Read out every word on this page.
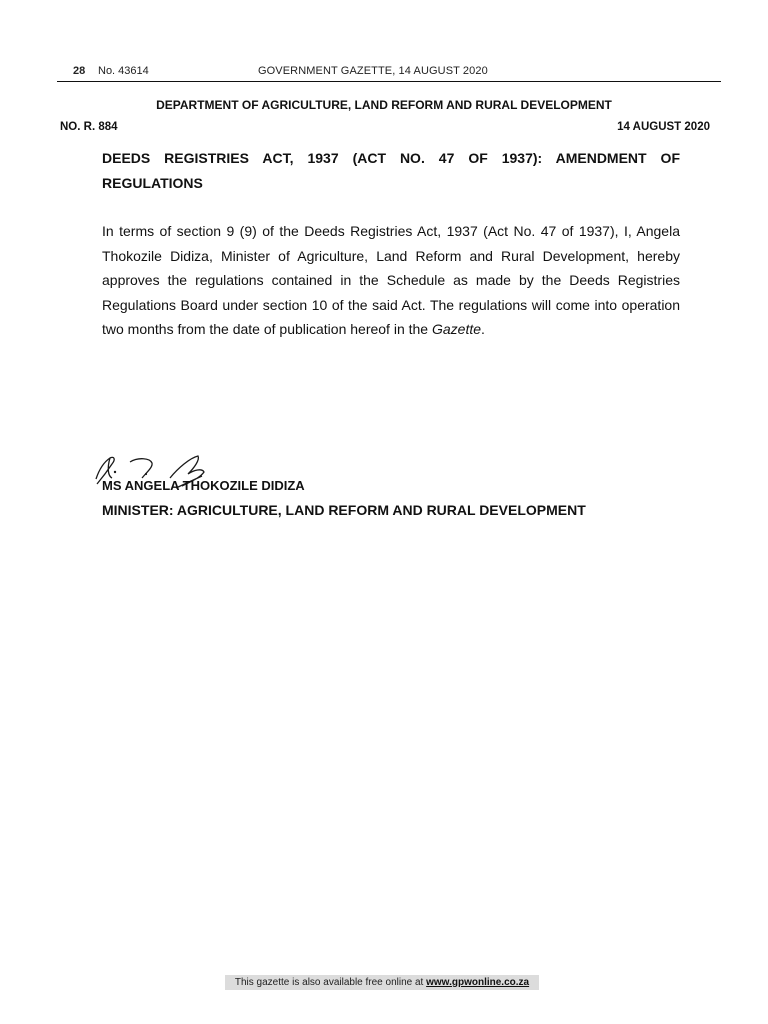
28 No. 43614	GOVERNMENT GAZETTE, 14 AUGUST 2020
DEPARTMENT OF AGRICULTURE, LAND REFORM AND RURAL DEVELOPMENT
NO. R. 884	14 AUGUST 2020
DEEDS REGISTRIES ACT, 1937 (ACT NO. 47 OF 1937): AMENDMENT OF REGULATIONS

In terms of section 9 (9) of the Deeds Registries Act, 1937 (Act No. 47 of 1937), I, Angela Thokozile Didiza, Minister of Agriculture, Land Reform and Rural Development, hereby approves the regulations contained in the Schedule as made by the Deeds Registries Regulations Board under section 10 of the said Act. The regulations will come into operation two months from the date of publication hereof in the Gazette.

MS ANGELA THOKOZILE DIDIZA
MINISTER: AGRICULTURE, LAND REFORM AND RURAL DEVELOPMENT
This gazette is also available free online at www.gpwonline.co.za
